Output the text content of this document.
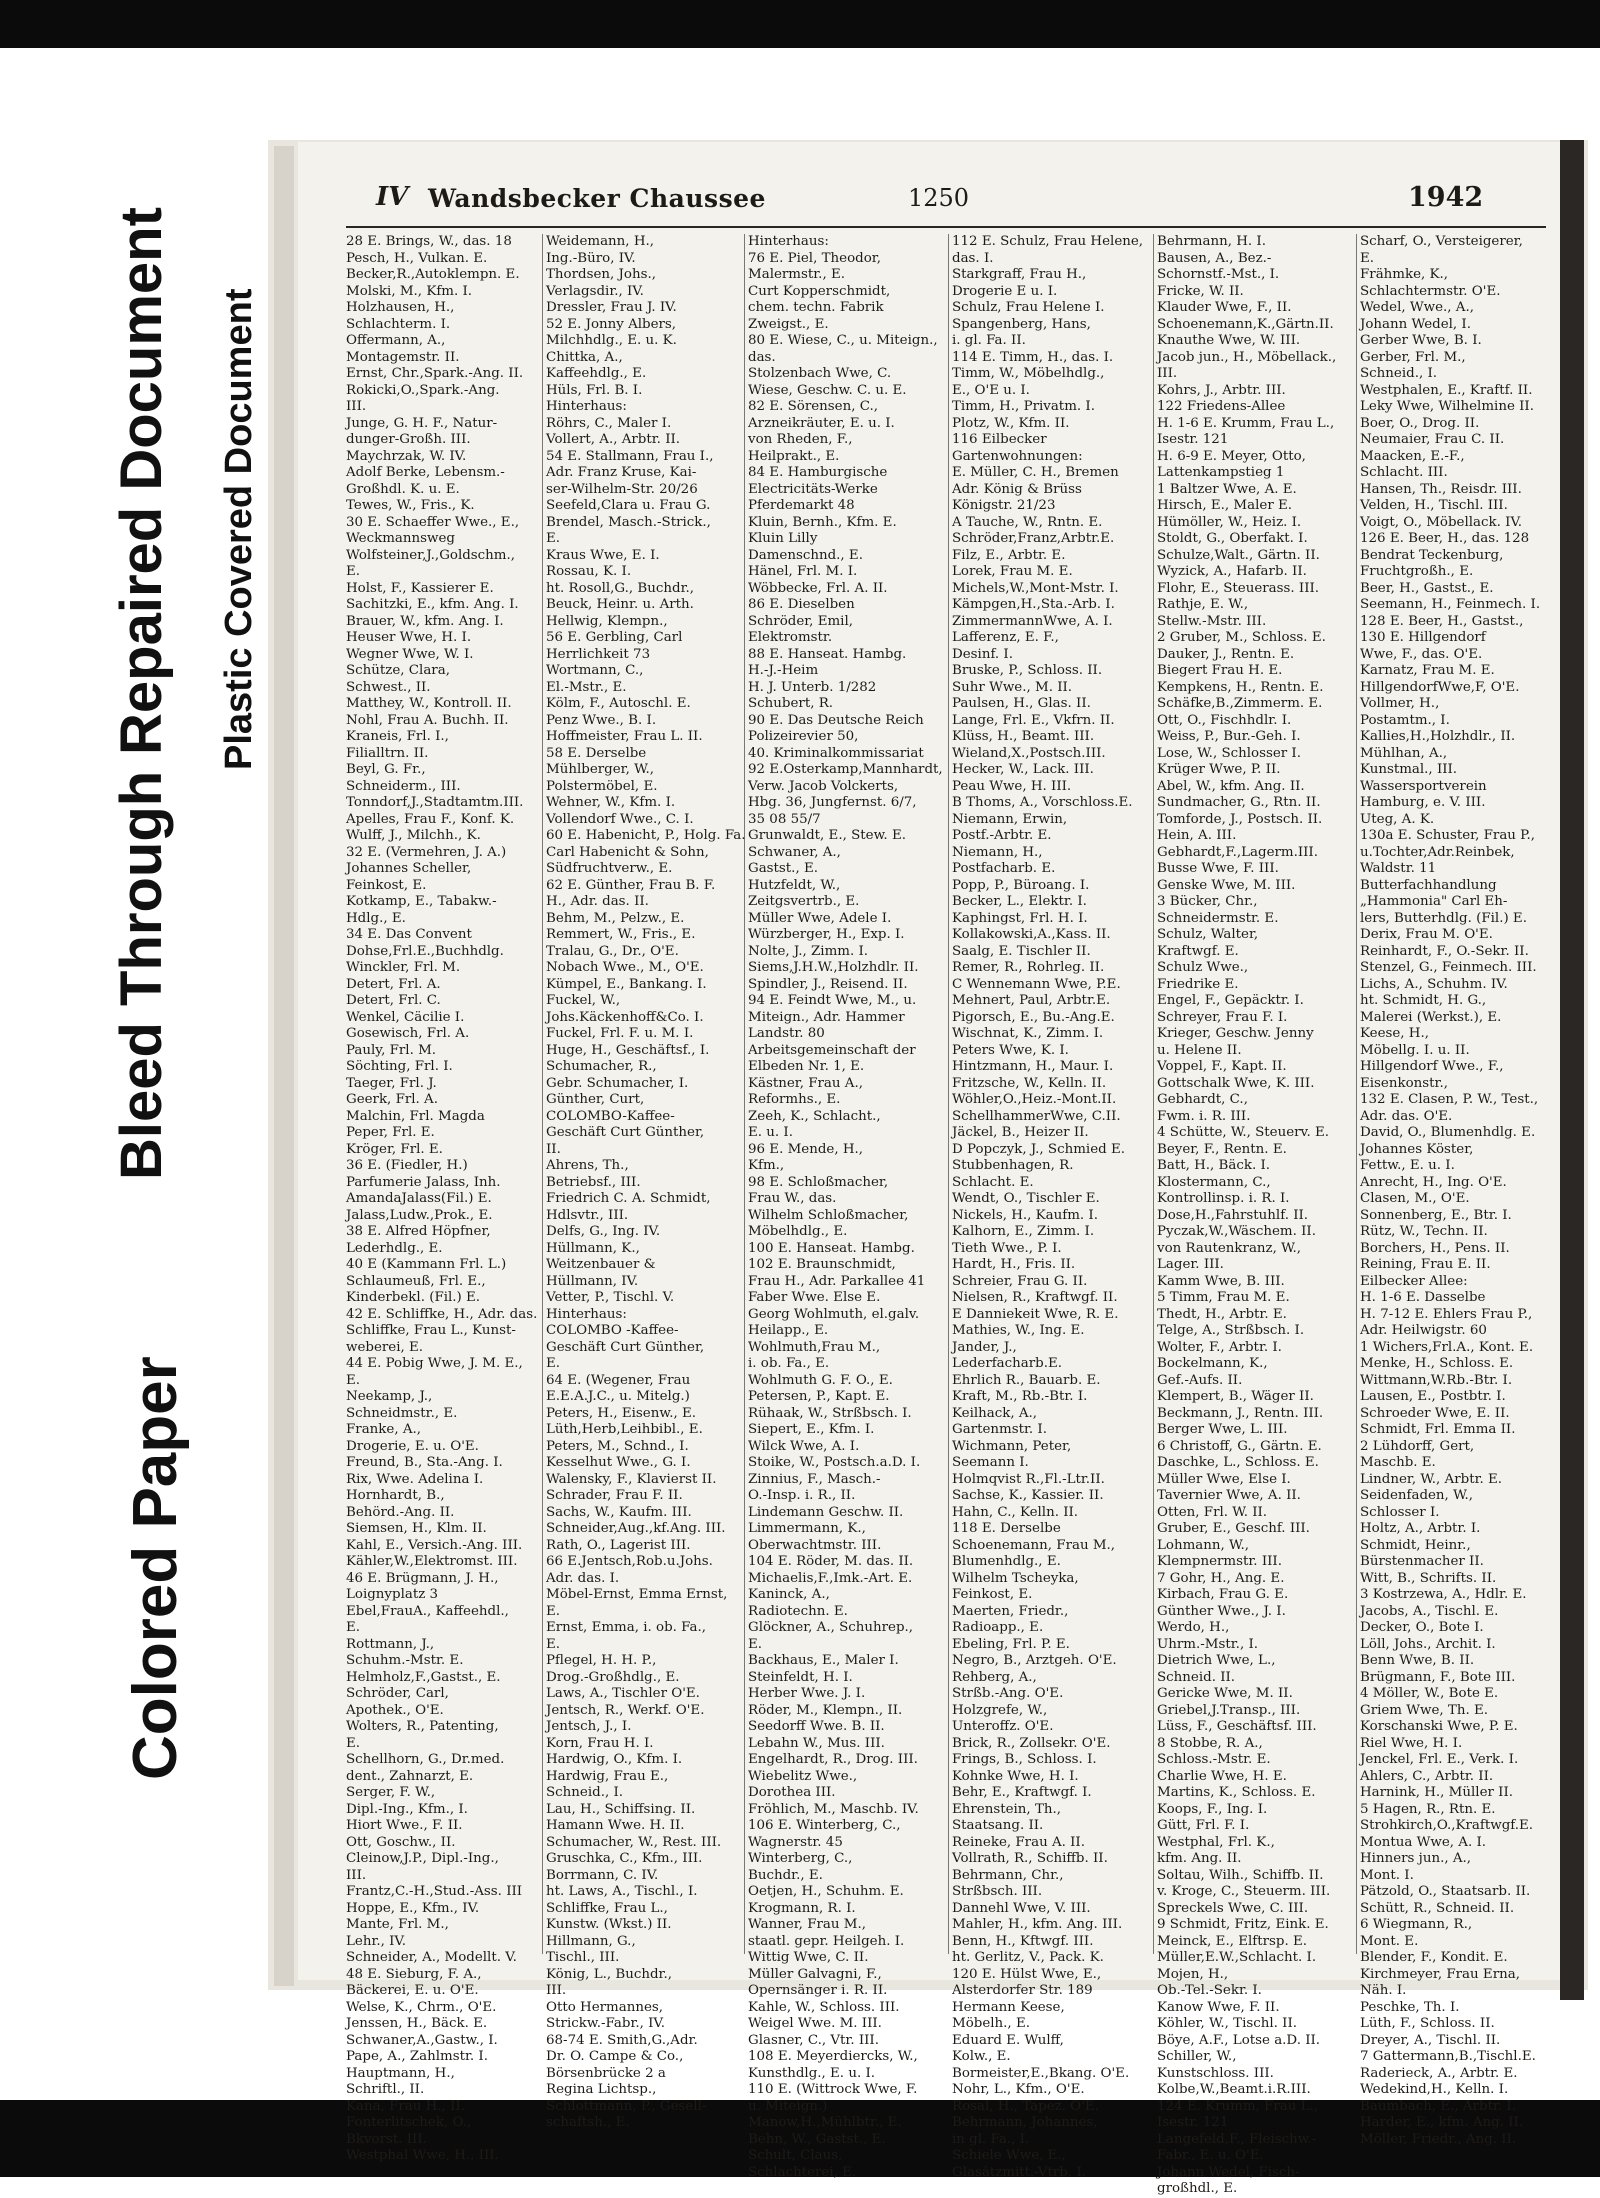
Bleed Through
Repaired Document Plastic Covered Document
Colored Paper
IV Wandsbecker Chaussee	1250	1942
28 E. Brings, W., das. 18
Pesch, H., Vulkan. E.
Becker,R.,Autoklempn. E.
Molski, M., Kfm. I.
Holzhausen, H.,
Schlachterm. I.
Offermann, A.,
Montagemstr. II.
Ernst, Chr.,Spark.-Ang. II.
Rokicki,O.,Spark.-Ang.
III.
Junge, G. H. F., Natur-
dunger-Großh. III.
Maychrzak, W. IV.
Adolf Berke, Lebensm.-
Großhdl. K. u. E.
Tewes, W., Fris., K.
30 E. Schaeffer Wwe., E.,
Weckmannsweg
Wolfsteiner,J.,Goldschm.,
E.
Holst, F., Kassierer E.
Sachitzki, E., kfm. Ang. I.
Brauer, W., kfm. Ang. I.
Heuser Wwe, H. I.
Wegner Wwe, W. I.
Schütze, Clara,
Schwest., II.
Matthey, W., Kontroll. II.
Nohl, Frau A. Buchh. II.
Kraneis, Frl. I.,
Filialltrn. II.
Beyl, G. Fr.,
Schneiderm., III.
Tonndorf,J.,Stadtamtm.III.
Apelles, Frau F., Konf. K.
Wulff, J., Milchh., K.
32 E. (Vermehren, J. A.)
Johannes Scheller,
Feinkost, E.
Kotkamp, E., Tabakw.-
Hdlg., E.
34 E. Das Convent
Dohse,Frl.E.,Buchhdlg.
Winckler, Frl. M.
Detert, Frl. A.
Detert, Frl. C.
Wenkel, Cäcilie I.
Gosewisch, Frl. A.
Pauly, Frl. M.
Söchting, Frl. I.
Taeger, Frl. J.
Geerk, Frl. A.
Malchin, Frl. Magda
Peper, Frl. E.
Kröger, Frl. E.
36 E. (Fiedler, H.)
Parfumerie Jalass, Inh.
AmandaJalass(Fil.) E.
Jalass,Ludw.,Prok., E.
38 E. Alfred Höpfner,
Lederhdlg., E.
40 E (Kammann Frl. L.)
Schlaumeuß, Frl. E.,
Kinderbekl. (Fil.) E.
42 E. Schliffke, H., Adr. das.
Schliffke, Frau L., Kunst-
weberei, E.
44 E. Pobig Wwe, J. M. E.,
E.
Neekamp, J.,
Schneidmstr., E.
Franke, A.,
Drogerie, E. u. O'E.
Freund, B., Sta.-Ang. I.
Rix, Wwe. Adelina I.
Hornhardt, B.,
Behörd.-Ang. II.
Siemsen, H., Klm. II.
Kahl, E., Versich.-Ang. III.
Kähler,W.,Elektromst. III.
46 E. Brügmann, J. H.,
Loignyplatz 3
Ebel,FrauA., Kaffeehdl.,
E.
Rottmann, J.,
Schuhm.-Mstr. E.
Helmholz,F.,Gastst., E.
Schröder, Carl,
Apothek., O'E.
Wolters, R., Patenting,
E.
Schellhorn, G., Dr.med.
dent., Zahnarzt, E.
Serger, F. W.,
Dipl.-Ing., Kfm., I.
Hiort Wwe., F. II.
Ott, Goschw., II.
Cleinow,J.P., Dipl.-Ing.,
III.
Frantz,C.-H.,Stud.-Ass. III
Hoppe, E., Kfm., IV.
Mante, Frl. M.,
Lehr., IV.
Schneider, A., Modellt. V.
48 E. Sieburg, F. A.,
Bäckerei, E. u. O'E.
Welse, K., Chrm., O'E.
Jenssen, H., Bäck. E.
Schwaner,A.,Gastw., I.
Pape, A., Zahlmstr. I.
Hauptmann, H.,
Schriftl., II.
Kana, Frau H., II.
Fonterlitschek, O.,
Bkvorst. III.
Westphal Wwe, H., III.
Weidemann, H.,
Ing.-Büro, IV.
Thordsen, Johs.,
Verlagsdir., IV.
Dressler, Frau J. IV.
52 E. Jonny Albers,
Milchhdlg., E. u. K.
Chittka, A.,
Kaffeehdlg., E.
Hüls, Frl. B. I.
Hinterhaus:
Röhrs, C., Maler I.
Vollert, A., Arbtr. II.
54 E. Stallmann, Frau I.,
Adr. Franz Kruse, Kai-
ser-Wilhelm-Str. 20/26
Seefeld,Clara u. Frau G.
Brendel, Masch.-Strick.,
E.
Kraus Wwe, E. I.
Rossau, K. I.
ht. Rosoll,G., Buchdr.,
Beuck, Heinr. u. Arth.
Hellwig, Klempn.,
56 E. Gerbling, Carl
Herrlichkeit 73
Wortmann, C.,
El.-Mstr., E.
Kölm, F., Autoschl. E.
Penz Wwe., B. I.
Hoffmeister, Frau L. II.
58 E. Derselbe
Mühlberger, W.,
Polstermöbel, E.
Wehner, W., Kfm. I.
Vollendorf Wwe., C. I.
60 E. Habenicht, P., Holg. Fa.
Carl Habenicht & Sohn,
Südfruchtverw., E.
62 E. Günther, Frau B. F.
H., Adr. das. II.
Behm, M., Pelzw., E.
Remmert, W., Fris., E.
Tralau, G., Dr., O'E.
Nobach Wwe., M., O'E.
Kümpel, E., Bankang. I.
Fuckel, W.,
Johs.Käckenhoff&Co. I.
Fuckel, Frl. F. u. M. I.
Huge, H., Geschäftsf., I.
Schumacher, R.,
Gebr. Schumacher, I.
Günther, Curt,
COLOMBO-Kaffee-
Geschäft Curt Günther,
II.
Ahrens, Th.,
Betriebsf., III.
Friedrich C. A. Schmidt,
Hdlsvtr., III.
Delfs, G., Ing. IV.
Hüllmann, K.,
Weitzenbauer &
Hüllmann, IV.
Vetter, P., Tischl. V.
Hinterhaus:
COLOMBO -Kaffee-
Geschäft Curt Günther,
E.
64 E. (Wegener, Frau
E.E.A.J.C., u. Mitelg.)
Peters, H., Eisenw., E.
Lüth,Herb,Leihbibl., E.
Peters, M., Schnd., I.
Kesselhut Wwe., G. I.
Walensky, F., Klavierst II.
Schrader, Frau F. II.
Sachs, W., Kaufm. III.
Schneider,Aug.,kf.Ang. III.
Rath, O., Lagerist III.
66 E.Jentsch,Rob.u.Johs.
Adr. das. I.
Möbel-Ernst, Emma Ernst,
E.
Ernst, Emma, i. ob. Fa.,
E.
Pflegel, H. H. P.,
Drog.-Großhdlg., E.
Laws, A., Tischler O'E.
Jentsch, R., Werkf. O'E.
Jentsch, J., I.
Korn, Frau H. I.
Hardwig, O., Kfm. I.
Hardwig, Frau E.,
Schneid., I.
Lau, H., Schiffsing. II.
Hamann Wwe. H. II.
Schumacher, W., Rest. III.
Gruschka, C., Kfm., III.
Borrmann, C. IV.
ht. Laws, A., Tischl., I.
Schliffke, Frau L.,
Kunstw. (Wkst.) II.
Hillmann, G.,
Tischl., III.
König, L., Buchdr.,
III.
Otto Hermannes,
Strickw.-Fabr., IV.
68-74 E. Smith,G.,Adr.
Dr. O. Campe & Co.,
Börsenbrücke 2 a
Regina Lichtsp.,
Schlottmann, P., Gesell-
schaftsh., E.
Hinterhaus:
76 E. Piel, Theodor,
Malermstr., E.
Curt Kopperschmidt,
chem. techn. Fabrik
Zweigst., E.
80 E. Wiese, C., u. Miteign.,
das.
Stolzenbach Wwe, C.
Wiese, Geschw. C. u. E.
82 E. Sörensen, C.,
Arzneikräuter, E. u. I.
von Rheden, F.,
Heilprakt., E.
84 E. Hamburgische
Electricitäts-Werke
Pferdemarkt 48
Kluin, Bernh., Kfm. E.
Kluin Lilly
Damenschnd., E.
Hänel, Frl. M. I.
Wöbbecke, Frl. A. II.
86 E. Dieselben
Schröder, Emil,
Elektromstr.
88 E. Hanseat. Hambg.
H.-J.-Heim
H. J. Unterb. 1/282
Schubert, R.
90 E. Das Deutsche Reich
Polizeirevier 50,
40. Kriminalkommissariat
92 E.Osterkamp,Mannhardt,
Verw. Jacob Volckerts,
Hbg. 36, Jungfernst. 6/7,
35 08 55/7
Grunwaldt, E., Stew. E.
Schwaner, A.,
Gastst., E.
Hutzfeldt, W.,
Zeitgsvertrb., E.
Müller Wwe, Adele I.
Würzberger, H., Exp. I.
Nolte, J., Zimm. I.
Siems,J.H.W.,Holzhdlr. II.
Spindler, J., Reisend. II.
94 E. Feindt Wwe, M., u.
Miteign., Adr. Hammer
Landstr. 80
Arbeitsgemeinschaft der
Elbeden Nr. 1, E.
Kästner, Frau A.,
Reformhs., E.
Zeeh, K., Schlacht.,
E. u. I.
96 E. Mende, H.,
Kfm.,
98 E. Schloßmacher,
Frau W., das.
Wilhelm Schloßmacher,
Möbelhdlg., E.
100 E. Hanseat. Hambg.
102 E. Braunschmidt,
Frau H., Adr. Parkallee 41
Faber Wwe. Else E.
Georg Wohlmuth, el.galv.
Heilapp., E.
Wohlmuth,Frau M.,
i. ob. Fa., E.
Wohlmuth G. F. O., E.
Petersen, P., Kapt. E.
Rühaak, W., Strßbsch. I.
Siepert, E., Kfm. I.
Wilck Wwe, A. I.
Stoike, W., Postsch.a.D. I.
Zinnius, F., Masch.-
O.-Insp. i. R., II.
Lindemann Geschw. II.
Limmermann, K.,
Oberwachtmstr. III.
104 E. Röder, M. das. II.
Michaelis,F.,Imk.-Art. E.
Kaninck, A.,
Radiotechn. E.
Glöckner, A., Schuhrep.,
E.
Backhaus, E., Maler I.
Steinfeldt, H. I.
Herber Wwe. J. I.
Röder, M., Klempn., II.
Seedorff Wwe. B. II.
Lebahn W., Mus. III.
Engelhardt, R., Drog. III.
Wiebelitz Wwe.,
Dorothea III.
Fröhlich, M., Maschb. IV.
106 E. Winterberg, C.,
Wagnerstr. 45
Winterberg, C.,
Buchdr., E.
Oetjen, H., Schuhm. E.
Krogmann, R. I.
Wanner, Frau M.,
staatl. gepr. Heilgeh. I.
Wittig Wwe, C. II.
Müller Galvagni, F.,
Opernsänger i. R. II.
Kahle, W., Schloss. III.
Weigel Wwe. M. III.
Glasner, C., Vtr. III.
108 E. Meyerdiercks, W.,
Kunsthdlg., E. u. I.
110 E. (Wittrock Wwe, F.
u. Miteign.)
Manow,H.,Mühlbtr., E.
Behn, W., Gastst., E.
Schult, Claus,
Schlachterei, E.
112 E. Schulz, Frau Helene,
das. I.
Starkgraff, Frau H.,
Drogerie E u. I.
Schulz, Frau Helene I.
Spangenberg, Hans,
i. gl. Fa. II.
114 E. Timm, H., das. I.
Timm, W., Möbelhdlg.,
E., O'E u. I.
Timm, H., Privatm. I.
Plotz, W., Kfm. II.
116 Eilbecker
Gartenwohnungen:
E. Müller, C. H., Bremen
Adr. König & Brüss
Königstr. 21/23
A Tauche, W., Rntn. E.
Schröder,Franz,Arbtr.E.
Filz, E., Arbtr. E.
Lorek, Frau M. E.
Michels,W.,Mont-Mstr. I.
Kämpgen,H.,Sta.-Arb. I.
ZimmermannWwe, A. I.
Lafferenz, E. F.,
Desinf. I.
Bruske, P., Schloss. II.
Suhr Wwe., M. II.
Paulsen, H., Glas. II.
Lange, Frl. E., Vkfrn. II.
Klüss, H., Beamt. III.
Wieland,X.,Postsch.III.
Hecker, W., Lack. III.
Peau Wwe, H. III.
B Thoms, A., Vorschloss.E.
Niemann, Erwin,
Postf.-Arbtr. E.
Niemann, H.,
Postfacharb. E.
Popp, P., Büroang. I.
Becker, L., Elektr. I.
Kaphingst, Frl. H. I.
Kollakowski,A.,Kass. II.
Saalg, E. Tischler II.
Remer, R., Rohrleg. II.
C Wennemann Wwe, P.E.
Mehnert, Paul, Arbtr.E.
Pigorsch, E., Bu.-Ang.E.
Wischnat, K., Zimm. I.
Peters Wwe, K. I.
Hintzmann, H., Maur. I.
Fritzsche, W., Kelln. II.
Wöhler,O.,Heiz.-Mont.II.
SchellhammerWwe, C.II.
Jäckel, B., Heizer II.
D Popczyk, J., Schmied E.
Stubbenhagen, R.
Schlacht. E.
Wendt, O., Tischler E.
Nickels, H., Kaufm. I.
Kalhorn, E., Zimm. I.
Tieth Wwe., P. I.
Hardt, H., Fris. II.
Schreier, Frau G. II.
Nielsen, R., Kraftwgf. II.
E Danniekeit Wwe, R. E.
Mathies, W., Ing. E.
Jander, J.,
Lederfacharb.E.
Ehrlich R., Bauarb. E.
Kraft, M., Rb.-Btr. I.
Keilhack, A.,
Gartenmstr. I.
Wichmann, Peter,
Seemann I.
Holmqvist R.,Fl.-Ltr.II.
Sachse, K., Kassier. II.
Hahn, C., Kelln. II.
118 E. Derselbe
Schoenemann, Frau M.,
Blumenhdlg., E.
Wilhelm Tscheyka,
Feinkost, E.
Maerten, Friedr.,
Radioapp., E.
Ebeling, Frl. P. E.
Negro, B., Arztgeh. O'E.
Rehberg, A.,
Strßb.-Ang. O'E.
Holzgrefe, W.,
Unteroffz. O'E.
Brick, R., Zollsekr. O'E.
Frings, B., Schloss. I.
Kohnke Wwe, H. I.
Behr, E., Kraftwgf. I.
Ehrenstein, Th.,
Staatsang. II.
Reineke, Frau A. II.
Vollrath, R., Schiffb. II.
Behrmann, Chr.,
Strßbsch. III.
Dannehl Wwe, V. III.
Mahler, H., kfm. Ang. III.
Benn, H., Kftwgf. III.
ht. Gerlitz, V., Pack. K.
120 E. Hülst Wwe, E.,
Alsterdorfer Str. 189
Hermann Keese,
Möbelh., E.
Eduard E. Wulff,
Kolw., E.
Bormeister,E.,Bkang. O'E.
Nohr, L., Kfm., O'E.
Rosal, H., Tapez. O'E.
Behrmann, Johannes,
in gl. Fa., I.
Schiele Wwe, E.,
Glasätzmitt.-Vtrb. I.
Behrmann, H. I.
Bausen, A., Bez.-
Schornstf.-Mst., I.
Fricke, W. II.
Klauder Wwe, F., II.
Schoenemann,K.,Gärtn.II.
Knauthe Wwe, W. III.
Jacob jun., H., Möbellack.,
III.
Kohrs, J., Arbtr. III.
122 Friedens-Allee
H. 1-6 E. Krumm, Frau L.,
Isestr. 121
H. 6-9 E. Meyer, Otto,
Lattenkampstieg 1
1 Baltzer Wwe, A. E.
Hirsch, E., Maler E.
Hümöller, W., Heiz. I.
Stoldt, G., Oberfakt. I.
Schulze,Walt., Gärtn. II.
Wyzick, A., Hafarb. II.
Flohr, E., Steuerass. III.
Rathje, E. W.,
Stellw.-Mstr. III.
2 Gruber, M., Schloss. E.
Dauker, J., Rentn. E.
Biegert Frau H. E.
Kempkens, H., Rentn. E.
Schäfke,B.,Zimmerm. E.
Ott, O., Fischhdlr. I.
Weiss, P., Bur.-Geh. I.
Lose, W., Schlosser I.
Krüger Wwe, P. II.
Abel, W., kfm. Ang. II.
Sundmacher, G., Rtn. II.
Tomforde, J., Postsch. II.
Hein, A. III.
Gebhardt,F.,Lagerm.III.
Busse Wwe, F. III.
Genske Wwe, M. III.
3 Bücker, Chr.,
Schneidermstr. E.
Schulz, Walter,
Kraftwgf. E.
Schulz Wwe.,
Friedrike E.
Engel, F., Gepäcktr. I.
Schreyer, Frau F. I.
Krieger, Geschw. Jenny
u. Helene II.
Voppel, F., Kapt. II.
Gottschalk Wwe, K. III.
Gebhardt, C.,
Fwm. i. R. III.
4 Schütte, W., Steuerv. E.
Beyer, F., Rentn. E.
Batt, H., Bäck. I.
Klostermann, C.,
Kontrollinsp. i. R. I.
Dose,H.,Fahrstuhlf. II.
Pyczak,W.,Wäschem. II.
von Rautenkranz, W.,
Lager. III.
Kamm Wwe, B. III.
5 Timm, Frau M. E.
Thedt, H., Arbtr. E.
Telge, A., Strßbsch. I.
Wolter, F., Arbtr. I.
Bockelmann, K.,
Gef.-Aufs. II.
Klempert, B., Wäger II.
Beckmann, J., Rentn. III.
Berger Wwe, L. III.
6 Christoff, G., Gärtn. E.
Daschke, L., Schloss. E.
Müller Wwe, Else I.
Tavernier Wwe, A. II.
Otten, Frl. W. II.
Gruber, E., Geschf. III.
Lohmann, W.,
Klempnermstr. III.
7 Gohr, H., Ang. E.
Kirbach, Frau G. E.
Günther Wwe., J. I.
Werdo, H.,
Uhrm.-Mstr., I.
Dietrich Wwe, L.,
Schneid. II.
Gericke Wwe, M. II.
Griebel,J.Transp., III.
Lüss, F., Geschäftsf. III.
8 Stobbe, R. A.,
Schloss.-Mstr. E.
Charlie Wwe, H. E.
Martins, K., Schloss. E.
Koops, F., Ing. I.
Gütt, Frl. F. I.
Westphal, Frl. K.,
kfm. Ang. II.
Soltau, Wilh., Schiffb. II.
v. Kroge, C., Steuerm. III.
Spreckels Wwe, C. III.
9 Schmidt, Fritz, Eink. E.
Meinck, E., Elftrsp. E.
Müller,E.W.,Schlacht. I.
Mojen, H.,
Ob.-Tel.-Sekr. I.
Kanow Wwe, F. II.
Köhler, W., Tischl. II.
Böye, A.F., Lotse a.D. II.
Schiller, W.,
Kunstschloss. III.
Kolbe,W.,Beamt.i.R.III.
124 E. Krumm, Frau L.,
Isestr. 121
Langefeld,F., Fleischw.-
Fabr., E. u. O'E.
Johann Wedel, Fisch-
großhdl., E.
Scharf, O., Versteigerer,
E.
Frähmke, K.,
Schlachtermstr. O'E.
Wedel, Wwe., A.,
Johann Wedel, I.
Gerber Wwe, B. I.
Gerber, Frl. M.,
Schneid., I.
Westphalen, E., Kraftf. II.
Leky Wwe, Wilhelmine II.
Boer, O., Drog. II.
Neumaier, Frau C. II.
Maacken, E.-F.,
Schlacht. III.
Hansen, Th., Reisdr. III.
Velden, H., Tischl. III.
Voigt, O., Möbellack. IV.
126 E. Beer, H., das. 128
Bendrat Teckenburg,
Fruchtgroßh., E.
Beer, H., Gastst., E.
Seemann, H., Feinmech. I.
128 E. Beer, H., Gastst.,
130 E. Hillgendorf
Wwe, F., das. O'E.
Karnatz, Frau M. E.
HillgendorfWwe,F, O'E.
Vollmer, H.,
Postamtm., I.
Kallies,H.,Holzhdlr., II.
Mühlhan, A.,
Kunstmal., III.
Wassersportverein
Hamburg, e. V. III.
Uteg, A. K.
130a E. Schuster, Frau P.,
u.Tochter,Adr.Reinbek,
Waldstr. 11
Butterfachhandlung
„Hammonia" Carl Eh-
lers, Butterhdlg. (Fil.) E.
Derix, Frau M. O'E.
Reinhardt, F., O.-Sekr. II.
Stenzel, G., Feinmech. III.
Lichs, A., Schuhm. IV.
ht. Schmidt, H. G.,
Malerei (Werkst.), E.
Keese, H.,
Möbellg. I. u. II.
Hillgendorf Wwe., F.,
Eisenkonstr.,
132 E. Clasen, P. W., Test.,
Adr. das. O'E.
David, O., Blumenhdlg. E.
Johannes Köster,
Fettw., E. u. I.
Anrecht, H., Ing. O'E.
Clasen, M., O'E.
Sonnenberg, E., Btr. I.
Rütz, W., Techn. II.
Borchers, H., Pens. II.
Reining, Frau E. II.
Eilbecker Allee:
H. 1-6 E. Dasselbe
H. 7-12 E. Ehlers Frau P.,
Adr. Heilwigstr. 60
1 Wichers,Frl.A., Kont. E.
Menke, H., Schloss. E.
Wittmann,W.Rb.-Btr. I.
Lausen, E., Postbtr. I.
Schroeder Wwe, E. II.
Schmidt, Frl. Emma II.
2 Lühdorff, Gert,
Maschb. E.
Lindner, W., Arbtr. E.
Seidenfaden, W.,
Schlosser I.
Holtz, A., Arbtr. I.
Schmidt, Heinr.,
Bürstenmacher II.
Witt, B., Schrifts. II.
3 Kostrzewa, A., Hdlr. E.
Jacobs, A., Tischl. E.
Decker, O., Bote I.
Löll, Johs., Archit. I.
Benn Wwe, B. II.
Brügmann, F., Bote III.
4 Möller, W., Bote E.
Griem Wwe, Th. E.
Korschanski Wwe, P. E.
Riel Wwe, H. I.
Jenckel, Frl. E., Verk. I.
Ahlers, C., Arbtr. II.
Harnink, H., Müller II.
5 Hagen, R., Rtn. E.
Strohkirch,O.,Kraftwgf.E.
Montua Wwe, A. I.
Hinners jun., A.,
Mont. I.
Pätzold, O., Staatsarb. II.
Schütt, R., Schneid. II.
6 Wiegmann, R.,
Mont. E.
Blender, F., Kondit. E.
Kirchmeyer, Frau Erna,
Näh. I.
Peschke, Th. I.
Lüth, F., Schloss. II.
Dreyer, A., Tischl. II.
7 Gattermann,B.,Tischl.E.
Raderieck, A., Arbtr. E.
Wedekind,H., Kelln. I.
Baumbach, E., Arbtr. I.
Harder, E., kfm. Ang. II.
Möller, Friedr., Ang. II.
